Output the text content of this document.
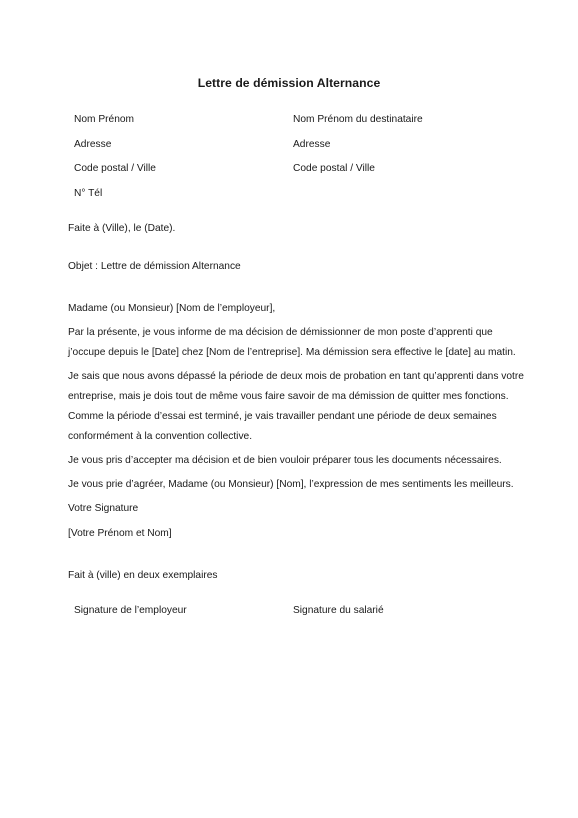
Lettre de démission Alternance
Nom Prénom
Adresse
Code postal / Ville
N° Tél
Nom Prénom du destinataire
Adresse
Code postal / Ville
Faite à (Ville), le (Date).
Objet : Lettre de démission Alternance
Madame (ou Monsieur) [Nom de l’employeur],
Par la présente, je vous informe de ma décision de démissionner de mon poste d’apprenti que
j’occupe depuis le [Date] chez [Nom de l’entreprise]. Ma démission sera effective le [date] au matin.
Je sais que nous avons dépassé la période de deux mois de probation en tant qu’apprenti dans votre
entreprise, mais je dois tout de même vous faire savoir de ma démission de quitter mes fonctions.
Comme la période d’essai est terminé, je vais travailler pendant une période de deux semaines
conformément à la convention collective.
Je vous pris d’accepter ma décision et de bien vouloir préparer tous les documents nécessaires.
Je vous prie d’agréer, Madame (ou Monsieur) [Nom], l’expression de mes sentiments les meilleurs.
Votre Signature
[Votre Prénom et Nom]
Fait à (ville) en deux exemplaires
Signature de l’employeur	Signature du salarié
